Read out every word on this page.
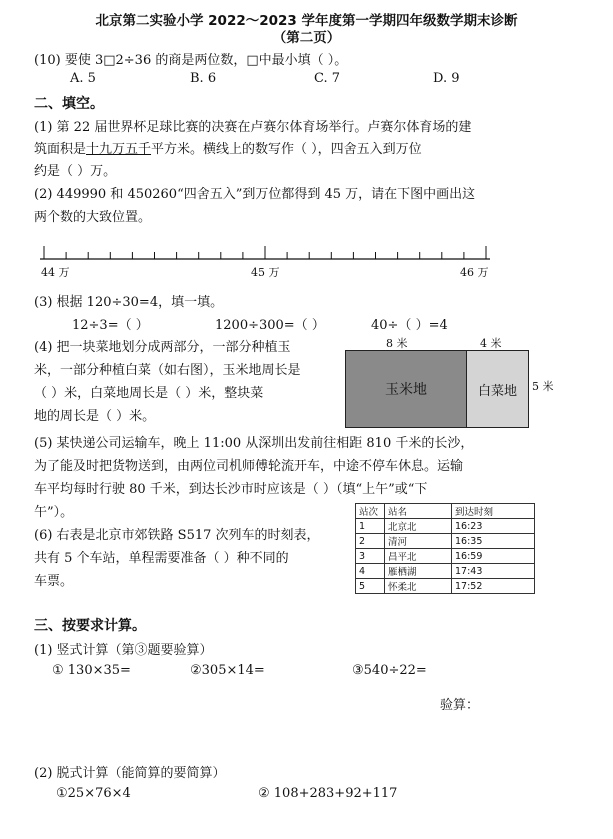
北京第二实验小学 2022～2023 学年度第一学期四年级数学期末诊断
（第二页）
(10) 要使 3□2÷36 的商是两位数，□中最小填（ ）。
A. 5	B. 6	C. 7	D. 9
二、填空。
(1) 第 22 届世界杯足球比赛的决赛在卢赛尔体育场举行。卢赛尔体育场的建
筑面积是十九万五千平方米。横线上的数写作（ ），四舍五入到万位
约是（ ）万。
(2) 449990 和 450260“四舍五入”到万位都得到 45 万，请在下图中画出这
两个数的大致位置。
44 万	45 万	46 万
(3) 根据 120÷30=4，填一填。
12÷3=（ ）	1200÷300=（ ）	40÷（ ）=4
(4) 把一块菜地划分成两部分，一部分种植玉
米，一部分种植白菜（如右图），玉米地周长是
（ ）米，白菜地周长是（ ）米，整块菜
地的周长是（ ）米。
8 米	4 米
玉米地	白菜地 5 米
(5) 某快递公司运输车，晚上 11:00 从深圳出发前往相距 810 千米的长沙，
为了能及时把货物送到，由两位司机师傅轮流开车，中途不停车休息。运输
车平均每时行驶 80 千米，到达长沙市时应该是（ ）（填“上午”或“下
午”）。
(6) 右表是北京市郊铁路 S517 次列车的时刻表，
共有 5 个车站，单程需要准备（ ）种不同的
车票。
站次	站名	到达时刻
1	北京北	16:23
2	清河	16:35
3	昌平北	16:59
4	雁栖湖	17:43
5	怀柔北	17:52
三、按要求计算。
(1) 竖式计算（第③题要验算）
① 130×35=	②305×14=	③540÷22=
验算：
(2) 脱式计算（能简算的要简算）
①25×76×4	② 108+283+92+117
